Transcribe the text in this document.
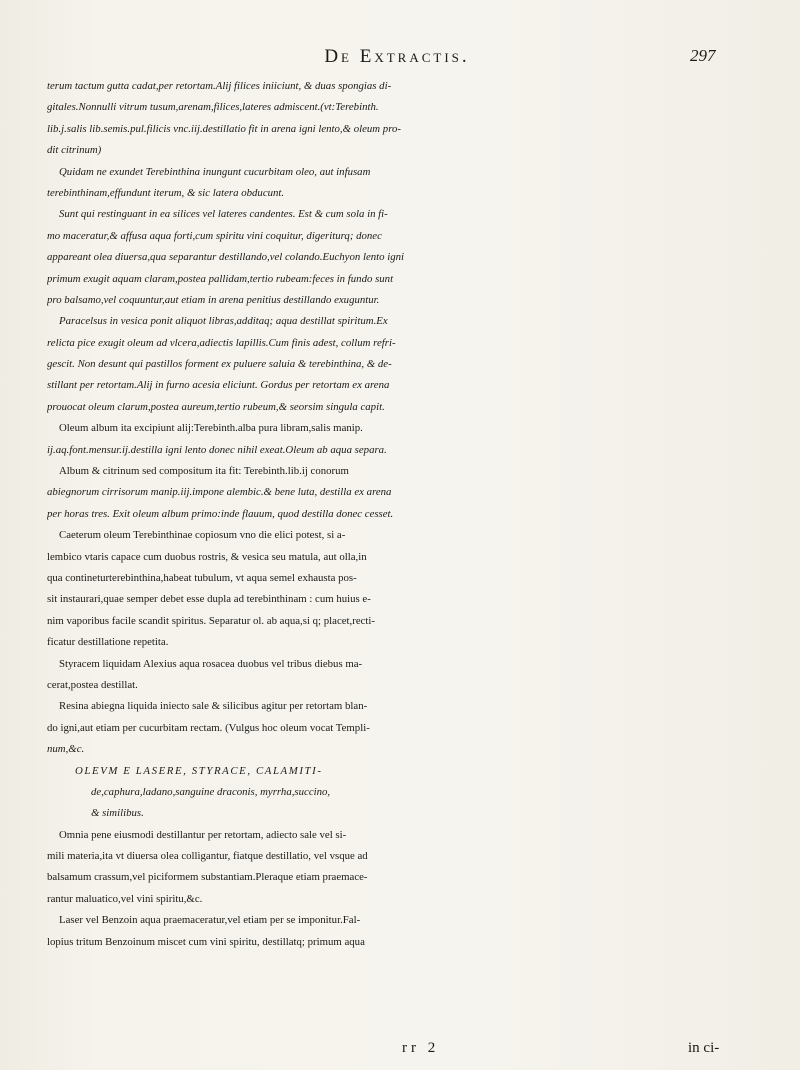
De Extractis.	297
terum tactum gutta cadat,per retortam.Alij filices iniiciunt, & duas spongias di-
gitales.Nonnulli vitrum tusum,arenam,filices,lateres admiscent.(vt:Terebinth.
lib.j.salis lib.semis.pul.filicis vnc.iij.destillatio fit in arena igni lento,& oleum pro-
dit citrinum)
Quidam ne exundet Terebinthina inungunt cucurbitam oleo, aut infusam
terebinthinam,effundunt iterum, & sic latera obducunt.
Sunt qui restinguant in ea silices vel lateres candentes. Est & cum sola in fi-
mo maceratur,& affusa aqua forti,cum spiritu vini coquitur, digeriturq; donec
appareant olea diuersa,qua separantur destillando,vel colando.Euchyon lento igni
primum exugit aquam claram,postea pallidam,tertio rubeam:feces in fundo sunt
pro balsamo,vel coquuntur,aut etiam in arena penitius destillando exuguntur.
Paracelsus in vesica ponit aliquot libras,additaq; aqua destillat spiritum.Ex
relicta pice exugit oleum ad vlcera,adiectis lapillis.Cum finis adest, collum refri-
gescit. Non desunt qui pastillos forment ex puluere saluia & terebinthina, & de-
stillant per retortam.Alij in furno acesia eliciunt. Gordus per retortam ex arena
prouocat oleum clarum,postea aureum,tertio rubeum,& seorsim singula capit.
Oleum album ita excipiunt alij:Terebinth.alba pura libram,salis manip.
ij.aq.font.mensur.ij.destilla igni lento donec nihil exeat.Oleum ab aqua separa.
Album & citrinum sed compositum ita fit: Terebinth.lib.ij conorum
abiegnorum cirrisorum manip.iij.impone alembic.& bene luta, destilla ex arena
per horas tres. Exit oleum album primo:inde flauum, quod destilla donec cesset.
Caeterum oleum Terebinthinae copiosum vno die elici potest, si a-
lembico vtaris capace cum duobus rostris, & vesica seu matula, aut olla,in
qua contineturterebinthina,habeat tubulum, vt aqua semel exhausta pos-
sit instaurari,quae semper debet esse dupla ad terebinthinam : cum huius e-
nim vaporibus facile scandit spiritus. Separatur ol. ab aqua,si q; placet,recti-
ficatur destillatione repetita.
Styracem liquidam Alexius aqua rosacea duobus vel tribus diebus ma-
cerat,postea destillat.
Resina abiegna liquida iniecto sale & silicibus agitur per retortam blan-
do igni,aut etiam per cucurbitam rectam. (Vulgus hoc oleum vocat Templi-
num,&c.
OLEVM E LASERE, STYRACE, CALAMITI-
de,caphura,ladano,sanguine draconis, myrrha,succino,
& similibus.
Omnia pene eiusmodi destillantur per retortam, adiecto sale vel si-
mili materia,ita vt diuersa olea colligantur, fiatque destillatio, vel vsque ad
balsamum crassum,vel piciformem substantiam.Pleraque etiam praemace-
rantur maluatico,vel vini spiritu,&c.
Laser vel Benzoin aqua praemaceratur,vel etiam per se imponitur.Fal-
lopius tritum Benzoinum miscet cum vini spiritu, destillatq; primum aqua
rr 2	in ci-
